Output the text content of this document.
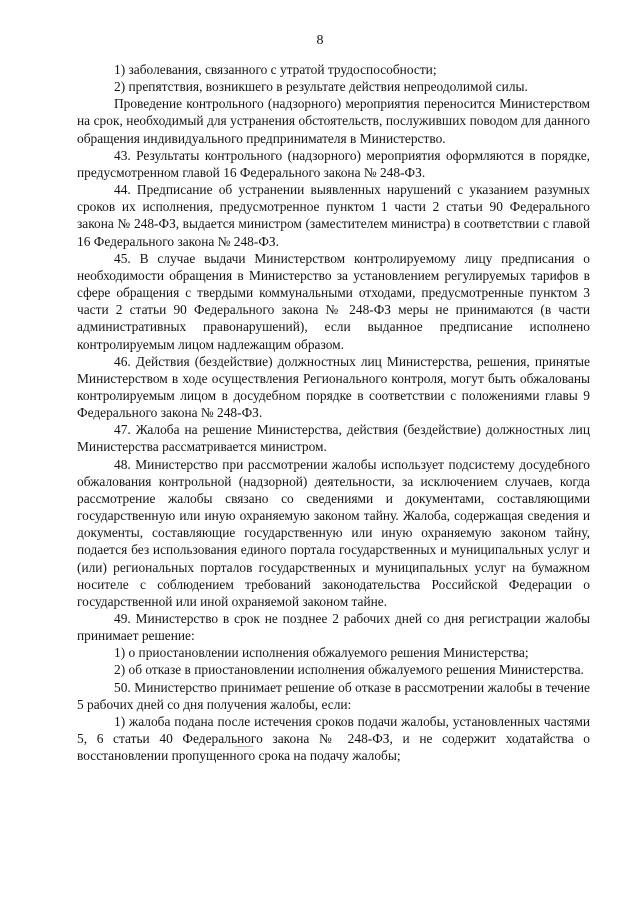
8

1) заболевания, связанного с утратой трудоспособности;

2) препятствия, возникшего в результате действия непреодолимой силы.

Проведение контрольного (надзорного) мероприятия переносится Министерством на срок, необходимый для устранения обстоятельств, послуживших поводом для данного обращения индивидуального предпринимателя в Министерство.

43. Результаты контрольного (надзорного) мероприятия оформляются в порядке, предусмотренном главой 16 Федерального закона № 248-ФЗ.

44. Предписание об устранении выявленных нарушений с указанием разумных сроков их исполнения, предусмотренное пунктом 1 части 2 статьи 90 Федерального закона № 248-ФЗ, выдается министром (заместителем министра) в соответствии с главой 16 Федерального закона № 248-ФЗ.

45. В случае выдачи Министерством контролируемому лицу предписания о необходимости обращения в Министерство за установлением регулируемых тарифов в сфере обращения с твердыми коммунальными отходами, предусмотренные пунктом 3 части 2 статьи 90 Федерального закона № 248-ФЗ меры не принимаются (в части административных правонарушений), если выданное предписание исполнено контролируемым лицом надлежащим образом.

46. Действия (бездействие) должностных лиц Министерства, решения, принятые Министерством в ходе осуществления Регионального контроля, могут быть обжалованы контролируемым лицом в досудебном порядке в соответствии с положениями главы 9 Федерального закона № 248-ФЗ.

47. Жалоба на решение Министерства, действия (бездействие) должностных лиц Министерства рассматривается министром.

48. Министерство при рассмотрении жалобы использует подсистему досудебного обжалования контрольной (надзорной) деятельности, за исключением случаев, когда рассмотрение жалобы связано со сведениями и документами, составляющими государственную или иную охраняемую законом тайну. Жалоба, содержащая сведения и документы, составляющие государственную или иную охраняемую законом тайну, подается без использования единого портала государственных и муниципальных услуг и (или) региональных порталов государственных и муниципальных услуг на бумажном носителе с соблюдением требований законодательства Российской Федерации о государственной или иной охраняемой законом тайне.

49. Министерство в срок не позднее 2 рабочих дней со дня регистрации жалобы принимает решение:

1) о приостановлении исполнения обжалуемого решения Министерства;

2) об отказе в приостановлении исполнения обжалуемого решения Министерства.

50. Министерство принимает решение об отказе в рассмотрении жалобы в течение 5 рабочих дней со дня получения жалобы, если:

1) жалоба подана после истечения сроков подачи жалобы, установленных частями 5, 6 статьи 40 Федерального закона № 248-ФЗ, и не содержит ходатайства о восстановлении пропущенного срока на подачу жалобы;
